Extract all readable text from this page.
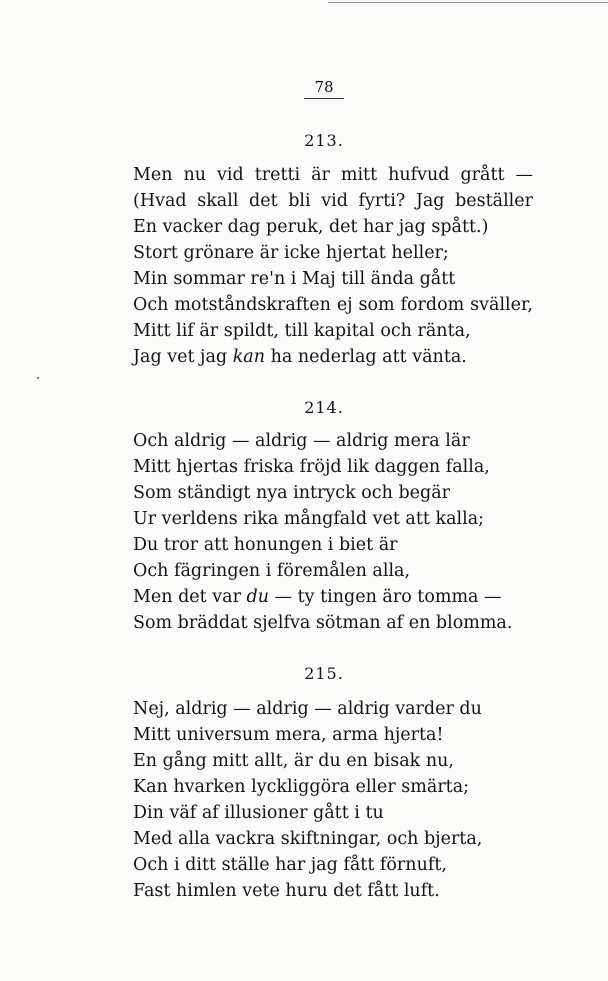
78
213.
Men nu vid tretti är mitt hufvud grått —
(Hvad skall det bli vid fyrti? Jag beställer
En vacker dag peruk, det har jag spått.)
Stort grönare är icke hjertat heller;
Min sommar re'n i Maj till ända gått
Och motståndskraften ej som fordom sväller,
Mitt lif är spildt, till kapital och ränta,
Jag vet jag kan ha nederlag att vänta.
214.
Och aldrig — aldrig — aldrig mera lär
Mitt hjertas friska fröjd lik daggen falla,
Som ständigt nya intryck och begär
Ur verldens rika mångfald vet att kalla;
Du tror att honungen i biet är
Och fägringen i föremålen alla,
Men det var du — ty tingen äro tomma —
Som bräddat sjelfva sötman af en blomma.
215.
Nej, aldrig — aldrig — aldrig varder du
Mitt universum mera, arma hjerta!
En gång mitt allt, är du en bisak nu,
Kan hvarken lyckliggöra eller smärta;
Din väf af illusioner gått i tu
Med alla vackra skiftningar, och bjerta,
Och i ditt ställe har jag fått förnuft,
Fast himlen vete huru det fått luft.
